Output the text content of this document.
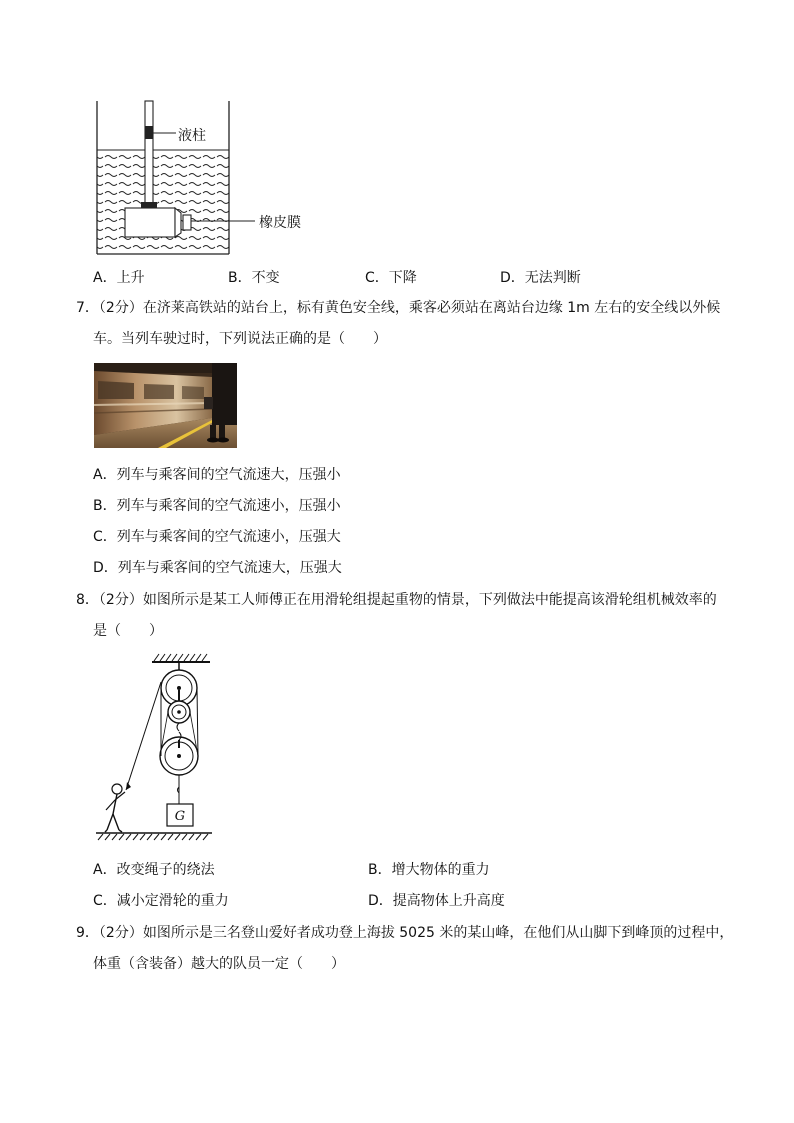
液柱
橡皮膜
A．上升	B．不变	C．下降	D．无法判断
7．（2分）在济莱高铁站的站台上，标有黄色安全线，乘客必须站在离站台边缘 1m 左右的安全线以外候
车。当列车驶过时，下列说法正确的是（　　）
A．列车与乘客间的空气流速大，压强小
B．列车与乘客间的空气流速小，压强小
C．列车与乘客间的空气流速小，压强大
D．列车与乘客间的空气流速大，压强大
8．（2分）如图所示是某工人师傅正在用滑轮组提起重物的情景，下列做法中能提高该滑轮组机械效率的
是（　　）
G
A．改变绳子的绕法	B．增大物体的重力
C．减小定滑轮的重力	D．提高物体上升高度
9．（2分）如图所示是三名登山爱好者成功登上海拔 5025 米的某山峰，在他们从山脚下到峰顶的过程中，
体重（含装备）越大的队员一定（　　）
